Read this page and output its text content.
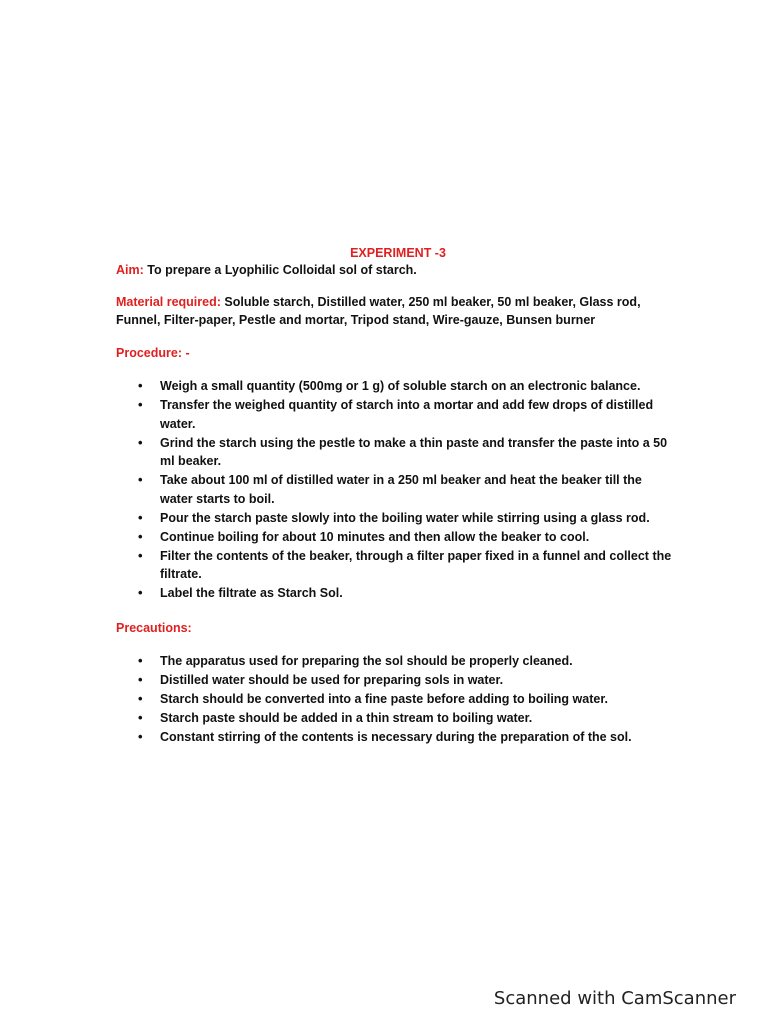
EXPERIMENT -3
Aim: To prepare a Lyophilic Colloidal sol of starch.
Material required: Soluble starch, Distilled water, 250 ml beaker, 50 ml beaker, Glass rod, Funnel, Filter-paper, Pestle and mortar, Tripod stand, Wire-gauze, Bunsen burner
Procedure: -
• Weigh a small quantity (500mg or 1 g) of soluble starch on an electronic balance.
• Transfer the weighed quantity of starch into a mortar and add few drops of distilled water.
• Grind the starch using the pestle to make a thin paste and transfer the paste into a 50 ml beaker.
• Take about 100 ml of distilled water in a 250 ml beaker and heat the beaker till the water starts to boil.
• Pour the starch paste slowly into the boiling water while stirring using a glass rod.
• Continue boiling for about 10 minutes and then allow the beaker to cool.
• Filter the contents of the beaker, through a filter paper fixed in a funnel and collect the filtrate.
• Label the filtrate as Starch Sol.
Precautions:
• The apparatus used for preparing the sol should be properly cleaned.
• Distilled water should be used for preparing sols in water.
• Starch should be converted into a fine paste before adding to boiling water.
• Starch paste should be added in a thin stream to boiling water.
• Constant stirring of the contents is necessary during the preparation of the sol.
Scanned with CamScanner
